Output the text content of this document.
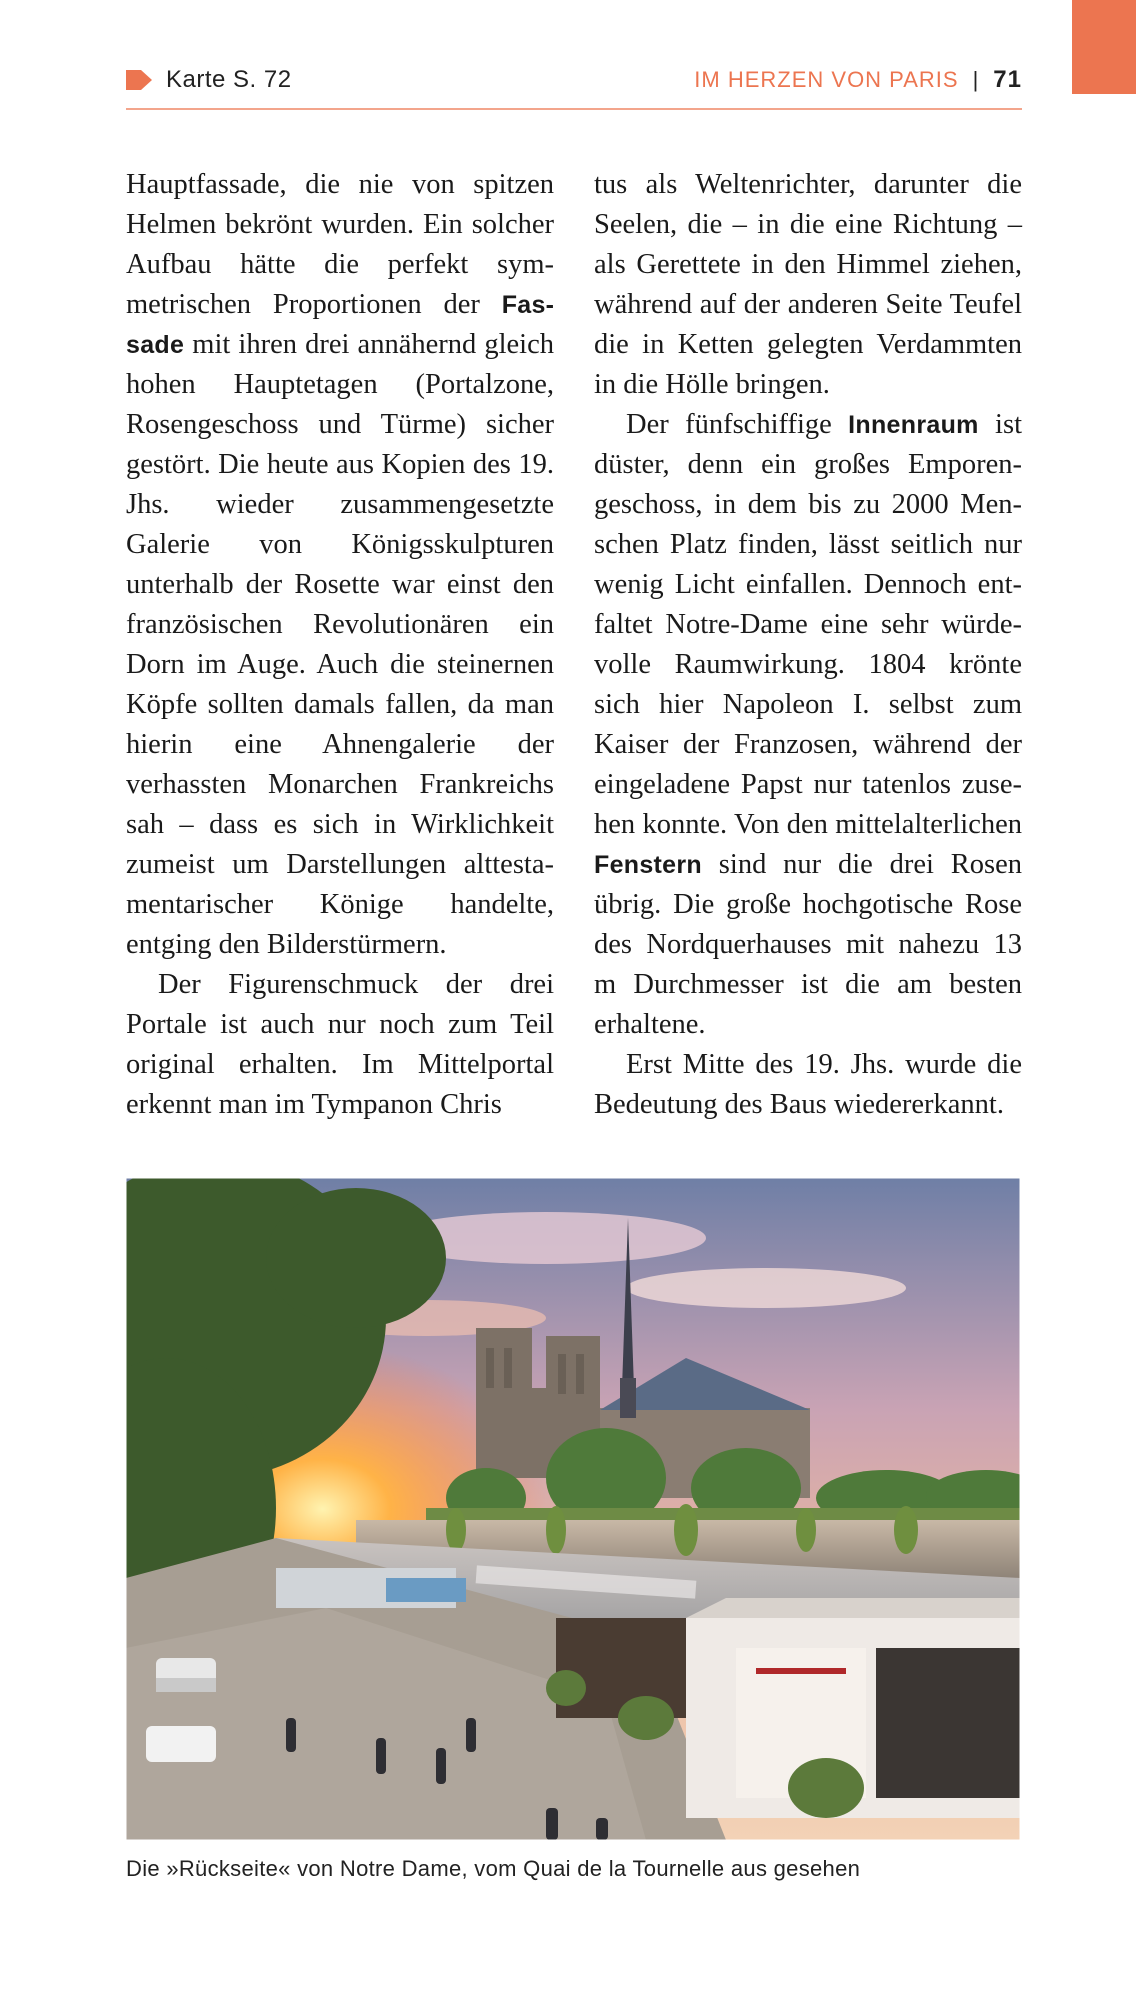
Karte S. 72	IM HERZEN VON PARIS | 71

Hauptfassade, die nie von spitzen Helmen bekrönt wurden. Ein solcher Aufbau hätte die perfekt symmetrischen Proportionen der Fassade mit ihren drei annähernd gleich hohen Hauptetagen (Portalzone, Rosengeschoss und Türme) sicher gestört. Die heute aus Kopien des 19. Jhs. wieder zusammengesetzte Galerie von Königsskulpturen unterhalb der Rosette war einst den französischen Revolutionären ein Dorn im Auge. Auch die steinernen Köpfe sollten damals fallen, da man hierin eine Ahnengalerie der verhassten Monarchen Frankreichs sah – dass es sich in Wirklichkeit zumeist um Darstellungen alttestamentarischer Könige handelte, entging den Bilderstürmern.

Der Figurenschmuck der drei Portale ist auch nur noch zum Teil original erhalten. Im Mittelportal erkennt man im Tympanon Chris

tus als Weltenrichter, darunter die Seelen, die – in die eine Richtung – als Gerettete in den Himmel ziehen, während auf der anderen Seite Teufel die in Ketten gelegten Verdammten in die Hölle bringen.

Der fünfschiffige Innenraum ist düster, denn ein großes Emporengeschoss, in dem bis zu 2000 Menschen Platz finden, lässt seitlich nur wenig Licht einfallen. Dennoch entfaltet Notre-Dame eine sehr würdevolle Raumwirkung. 1804 krönte sich hier Napoleon I. selbst zum Kaiser der Franzosen, während der eingeladene Papst nur tatenlos zusehen konnte. Von den mittelalterlichen Fenstern sind nur die drei Rosen übrig. Die große hochgotische Rose des Nordquerhauses mit nahezu 13 m Durchmesser ist die am besten erhaltene.

Erst Mitte des 19. Jhs. wurde die Bedeutung des Baus wiedererkannt.

Die »Rückseite« von Notre Dame, vom Quai de la Tournelle aus gesehen
